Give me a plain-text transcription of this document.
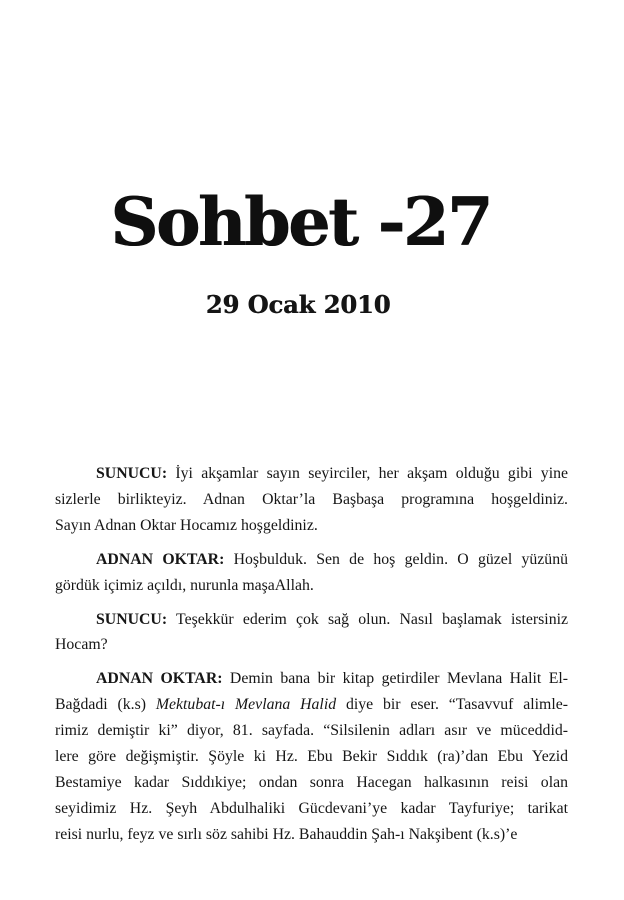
Sohbet -27
29 Ocak 2010
SUNUCU: İyi akşamlar sayın seyirciler, her akşam olduğu gibi yine
sizlerle birlikteyiz. Adnan Oktar’la Başbaşa programına hoşgeldiniz.
Sayın Adnan Oktar Hocamız hoşgeldiniz.
ADNAN OKTAR: Hoşbulduk. Sen de hoş geldin. O güzel yüzünü
gördük içimiz açıldı, nurunla maşaAllah.
SUNUCU: Teşekkür ederim çok sağ olun. Nasıl başlamak istersiniz
Hocam?
ADNAN OKTAR: Demin bana bir kitap getirdiler Mevlana Halit El-
Bağdadi (k.s) Mektubat-ı Mevlana Halid diye bir eser. “Tasavvuf alimle-
rimiz demiştir ki” diyor, 81. sayfada. “Silsilenin adları asır ve müceddid-
lere göre değişmiştir. Şöyle ki Hz. Ebu Bekir Sıddık (ra)’dan Ebu Yezid
Bestamiye kadar Sıddıkiye; ondan sonra Hacegan halkasının reisi olan
seyidimiz Hz. Şeyh Abdulhaliki Gücdevani’ye kadar Tayfuriye; tarikat
reisi nurlu, feyz ve sırlı söz sahibi Hz. Bahauddin Şah-ı Nakşibent (k.s)’e
